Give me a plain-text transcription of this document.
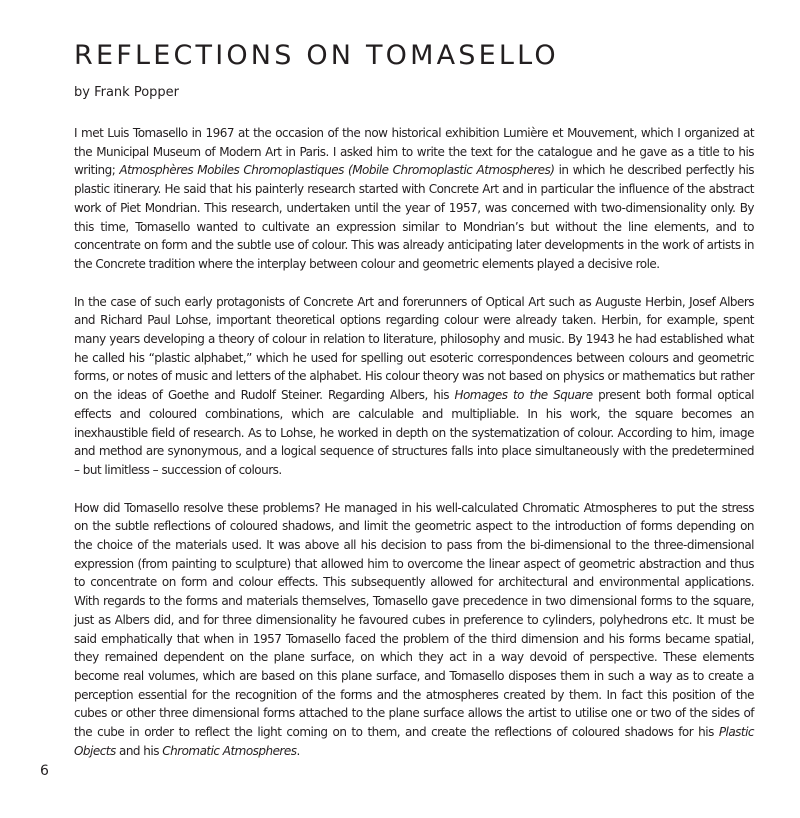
REFLECTIONS ON TOMASELLO
by Frank Popper

I met Luis Tomasello in 1967 at the occasion of the now historical exhibition Lumière et Mouvement, which I organized at the Municipal Museum of Modern Art in Paris. I asked him to write the text for the catalogue and he gave as a title to his writing; Atmosphères Mobiles Chromoplastiques (Mobile Chromoplastic Atmospheres) in which he described perfectly his plastic itinerary. He said that his painterly research started with Concrete Art and in particular the influence of the abstract work of Piet Mondrian. This research, undertaken until the year of 1957, was concerned with two-dimensionality only. By this time, Tomasello wanted to cultivate an expression similar to Mondrian’s but without the line elements, and to concentrate on form and the subtle use of colour. This was already anticipating later developments in the work of artists in the Concrete tradition where the interplay between colour and geometric elements played a decisive role.

In the case of such early protagonists of Concrete Art and forerunners of Optical Art such as Auguste Herbin, Josef Albers and Richard Paul Lohse, important theoretical options regarding colour were already taken. Herbin, for example, spent many years developing a theory of colour in relation to literature, philosophy and music. By 1943 he had established what he called his “plastic alphabet,” which he used for spelling out esoteric correspondences between colours and geometric forms, or notes of music and letters of the alphabet. His colour theory was not based on physics or mathematics but rather on the ideas of Goethe and Rudolf Steiner. Regarding Albers, his Homages to the Square present both formal optical effects and coloured combinations, which are calculable and multipliable. In his work, the square becomes an inexhaustible field of research. As to Lohse, he worked in depth on the systematization of colour. According to him, image and method are synonymous, and a logical sequence of structures falls into place simultaneously with the predetermined – but limitless – succession of colours.

How did Tomasello resolve these problems? He managed in his well-calculated Chromatic Atmospheres to put the stress on the subtle reflections of coloured shadows, and limit the geometric aspect to the introduction of forms depending on the choice of the materials used. It was above all his decision to pass from the bi-dimensional to the three-dimensional expression (from painting to sculpture) that allowed him to overcome the linear aspect of geometric abstraction and thus to concentrate on form and colour effects. This subsequently allowed for architectural and environmental applications. With regards to the forms and materials themselves, Tomasello gave precedence in two dimensional forms to the square, just as Albers did, and for three dimensionality he favoured cubes in preference to cylinders, polyhedrons etc. It must be said emphatically that when in 1957 Tomasello faced the problem of the third dimension and his forms became spatial, they remained dependent on the plane surface, on which they act in a way devoid of perspective. These elements become real volumes, which are based on this plane surface, and Tomasello disposes them in such a way as to create a perception essential for the recognition of the forms and the atmospheres created by them. In fact this position of the cubes or other three dimensional forms attached to the plane surface allows the artist to utilise one or two of the sides of the cube in order to reflect the light coming on to them, and create the reflections of coloured shadows for his Plastic Objects and his Chromatic Atmospheres.

6
